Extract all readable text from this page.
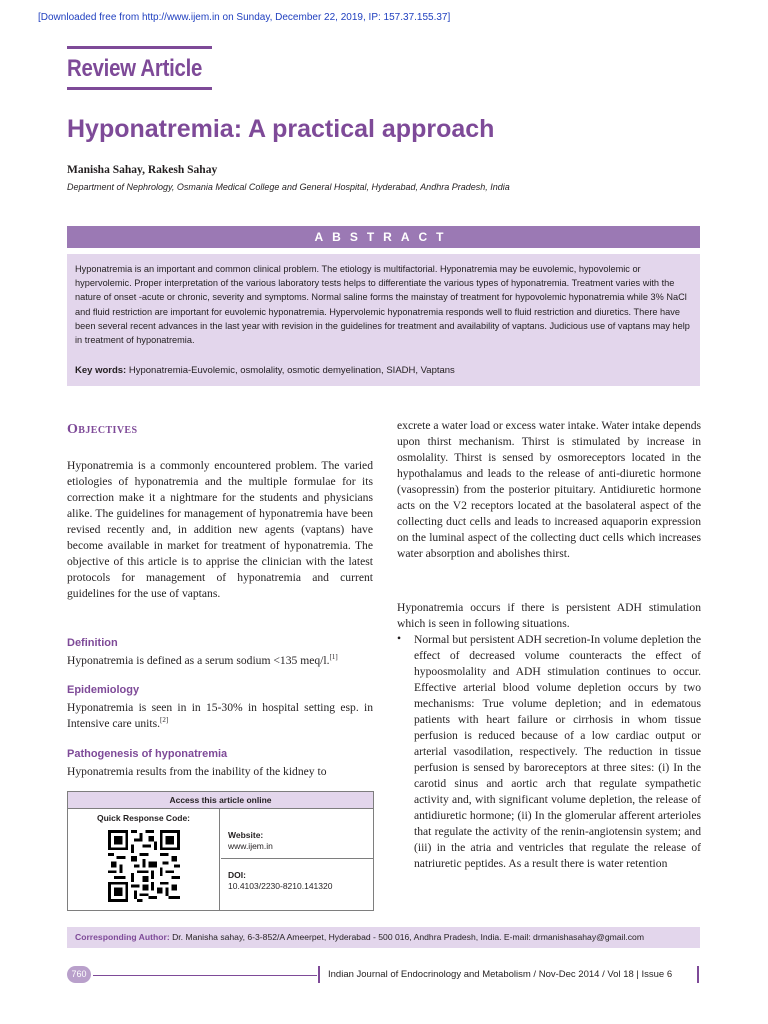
[Downloaded free from http://www.ijem.in on Sunday, December 22, 2019, IP: 157.37.155.37]
Review Article
Hyponatremia: A practical approach
Manisha Sahay, Rakesh Sahay
Department of Nephrology, Osmania Medical College and General Hospital, Hyderabad, Andhra Pradesh, India
ABSTRACT

Hyponatremia is an important and common clinical problem. The etiology is multifactorial. Hyponatremia may be euvolemic, hypovolemic or hypervolemic. Proper interpretation of the various laboratory tests helps to differentiate the various types of hyponatremia. Treatment varies with the nature of onset -acute or chronic, severity and symptoms. Normal saline forms the mainstay of treatment for hypovolemic hyponatremia while 3% NaCl and fluid restriction are important for euvolemic hyponatremia. Hypervolemic hyponatremia responds well to fluid restriction and diuretics. There have been several recent advances in the last year with revision in the guidelines for treatment and availability of vaptans. Judicious use of vaptans may help in treatment of hyponatremia.

Key words: Hyponatremia-Euvolemic, osmolality, osmotic demyelination, SIADH, Vaptans
Objectives

Hyponatremia is a commonly encountered problem. The varied etiologies of hyponatremia and the multiple formulae for its correction make it a nightmare for the students and physicians alike. The guidelines for management of hyponatremia have been revised recently and, in addition new agents (vaptans) have become available in market for treatment of hyponatremia. The objective of this article is to apprise the clinician with the latest protocols for management of hyponatremia and current guidelines for the use of vaptans.

Definition

Hyponatremia is defined as a serum sodium <135 meq/l.[1]

Epidemiology

Hyponatremia is seen in in 15-30% in hospital setting esp. in Intensive care units.[2]

Pathogenesis of hyponatremia

Hyponatremia results from the inability of the kidney to

Access this article online
Quick Response Code:
Website:
www.ijem.in
DOI:
10.4103/2230-8210.141320

excrete a water load or excess water intake. Water intake depends upon thirst mechanism. Thirst is stimulated by increase in osmolality. Thirst is sensed by osmoreceptors located in the hypothalamus and leads to the release of anti-diuretic hormone (vasopressin) from the posterior pituitary. Antidiuretic hormone acts on the V2 receptors located at the basolateral aspect of the collecting duct cells and leads to increased aquaporin expression on the luminal aspect of the collecting duct cells which increases water absorption and abolishes thirst.

Hyponatremia occurs if there is persistent ADH stimulation which is seen in following situations.

• Normal but persistent ADH secretion-In volume depletion the effect of decreased volume counteracts the effect of hypoosmolality and ADH stimulation continues to occur. Effective arterial blood volume depletion occurs by two mechanisms: True volume depletion; and in edematous patients with heart failure or cirrhosis in whom tissue perfusion is reduced because of a low cardiac output or arterial vasodilation, respectively. The reduction in tissue perfusion is sensed by baroreceptors at three sites: (i) In the carotid sinus and aortic arch that regulate sympathetic activity and, with significant volume depletion, the release of antidiuretic hormone; (ii) In the glomerular afferent arterioles that regulate the activity of the renin-angiotensin system; and (iii) in the atria and ventricles that regulate the release of natriuretic peptides. As a result there is water retention

Corresponding Author: Dr. Manisha sahay, 6-3-852/A Ameerpet, Hyderabad - 500 016, Andhra Pradesh, India. E-mail: drmanishasahay@gmail.com
760	Indian Journal of Endocrinology and Metabolism / Nov-Dec 2014 / Vol 18 | Issue 6
